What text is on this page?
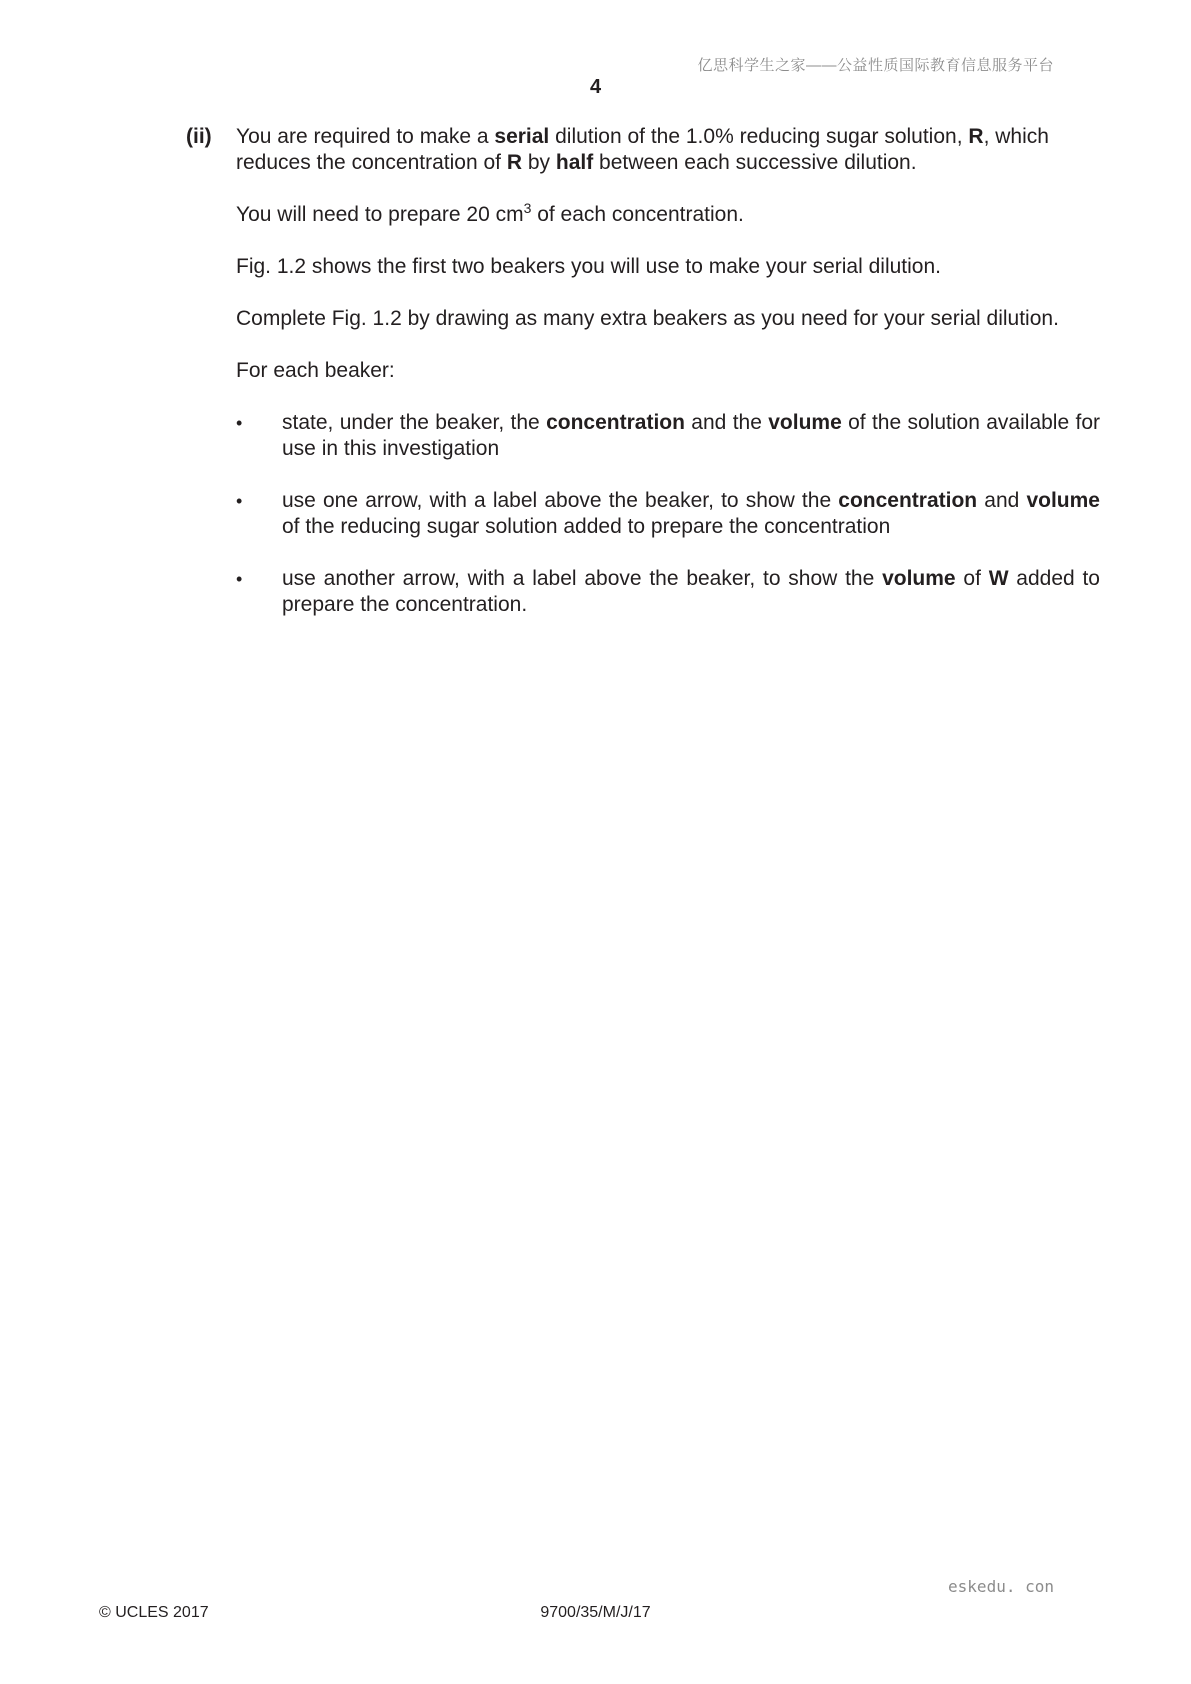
亿思科学生之家——公益性质国际教育信息服务平台
4
(ii) You are required to make a serial dilution of the 1.0% reducing sugar solution, R, which reduces the concentration of R by half between each successive dilution.

You will need to prepare 20 $cm^3$ of each concentration.

Fig. 1.2 shows the first two beakers you will use to make your serial dilution.

Complete Fig. 1.2 by drawing as many extra beakers as you need for your serial dilution.

For each beaker:

• state, under the beaker, the concentration and the volume of the solution available for use in this investigation
• use one arrow, with a label above the beaker, to show the concentration and volume of the reducing sugar solution added to prepare the concentration
• use another arrow, with a label above the beaker, to show the volume of W added to prepare the concentration.
eskedu. con
© UCLES 2017	9700/35/M/J/17
